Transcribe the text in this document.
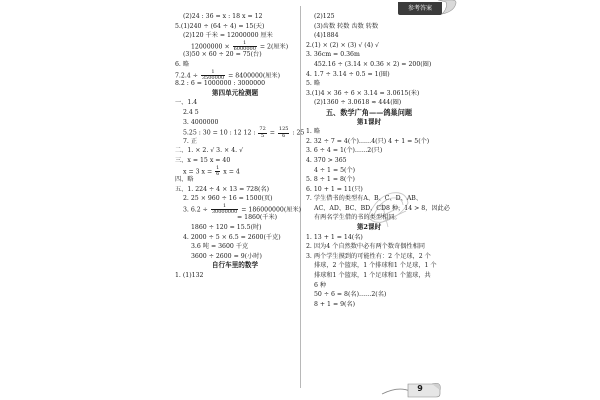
参考答案
(2)24 : 36 = x : 18 x = 12
5.(1)240 ÷ (64 ÷ 4) = 15(天)
(2)120 千米 = 12000000 厘米
$12000000 \times \frac{1}{6000000} = 2$(厘米)
(3)50 × 60 ÷ 20 = 75(台)
6. 略
$7.2.4 \div \frac{1}{3500000} = 8400000$(厘米)
8.2 : 6 = 1000000 : 3000000
第四单元检测题
一、1.4
2.4 5
3. 4000000
5.25 : 30 = 10 : 12 12 : $\frac{72}{5} = \frac{125}{6}$ : 25
7. 正
二、1. × 2. √ 3. × 4. √
三、x = 15 x = 40
x = 3 $x = \frac{1}{6}$ x = 4
四、略
五、1. 224 ÷ 4 × 13 = 728(名)
2. 25 × 960 ÷ 16 = 1500(页)
3. $6.2 \div \frac{1}{30000000} = 186000000$(厘米)
= 1860(千米)
1860 ÷ 120 = 15.5(时)
4. 2000 ÷ 5 × 6.5 = 2600(千克)
3.6 吨 = 3600 千克
3600 ÷ 2600 = 9(小时)
自行车里的数学
1. (1)132
(2)125
(3)齿数 转数 齿数 转数
(4)1884
2.(1) × (2) × (3) √ (4) √
3. 36cm = 0.36m
452.16 ÷ (3.14 × 0.36 × 2) = 200(圈)
4. 1.7 ÷ 3.14 ÷ 0.5 = 1(圈)
5. 略
3.(1)4 × 36 ÷ 6 × 3.14 = 3.0615(米)
(2)1360 ÷ 3.0618 ≈ 444(圈)
五、数学广角——鸽巢问题
第1课时
1. 略
2. 32 ÷ 7 = 4(个)……4(只) 4 + 1 = 5(个)
3. 6 ÷ 4 = 1(个)……2(只)
4. 370 > 365
4 ÷ 1 = 5(个)
5. 8 ÷ 1 = 8(个)
6. 10 + 1 = 11(只)
7. 学生借书的类型有A、B、C、D、AB、
AC、AD、BC、BD、CD8 种，14 > 8，因此必
有两名学生借的书的类型相同。
第2课时
1. 13 + 1 = 14(名)
2. 因为4 个自然数中必有两个数奇偶性相同
3. 两个学生摸到的可能性有：2 个足球，2 个
排球，2 个篮球，1 个排球和1 个足球，1 个
排球和1 个篮球，1 个足球和1 个篮球，共
6 种
50 ÷ 6 = 8(名)……2(名)
8 + 1 = 9(名)
9
